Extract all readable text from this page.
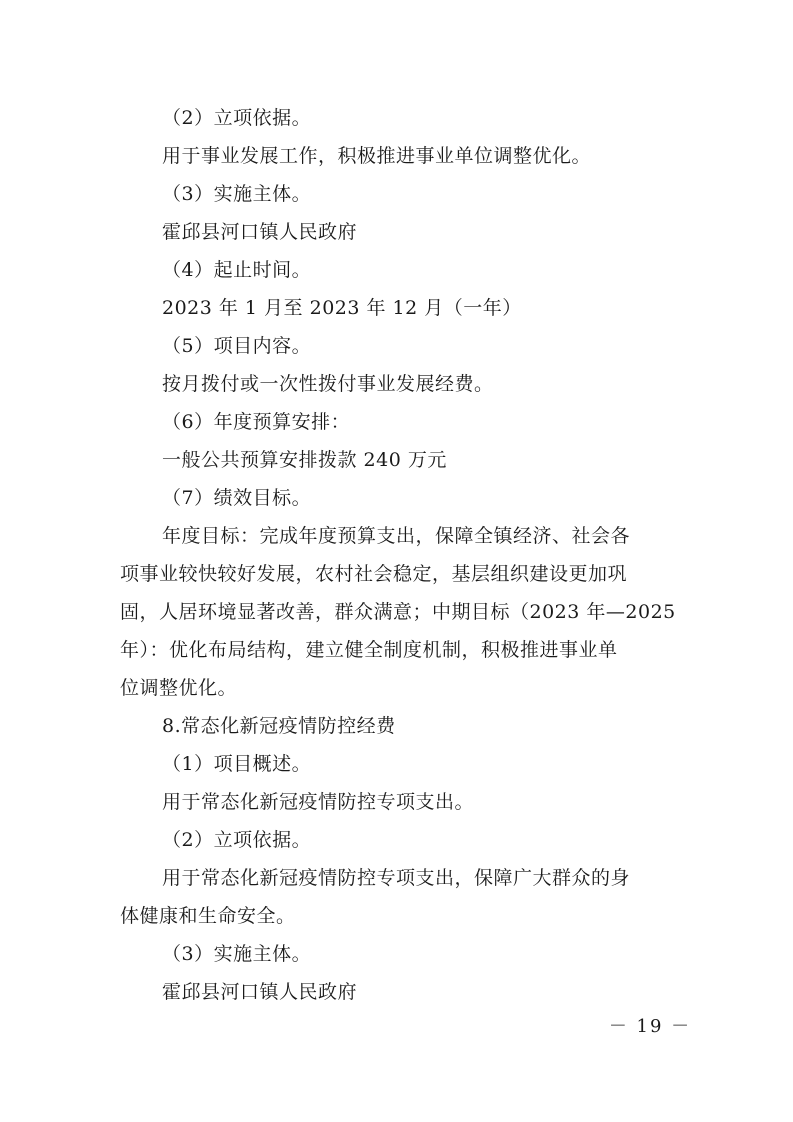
（2）立项依据。
用于事业发展工作，积极推进事业单位调整优化。
（3）实施主体。
霍邱县河口镇人民政府
（4）起止时间。
2023 年 1 月至 2023 年 12 月（一年）
（5）项目内容。
按月拨付或一次性拨付事业发展经费。
（6）年度预算安排：
一般公共预算安排拨款 240 万元
（7）绩效目标。
年度目标：完成年度预算支出，保障全镇经济、社会各
项事业较快较好发展，农村社会稳定，基层组织建设更加巩
固，人居环境显著改善，群众满意；中期目标（2023 年—2025
年）：优化布局结构，建立健全制度机制，积极推进事业单
位调整优化。
8.常态化新冠疫情防控经费
（1）项目概述。
用于常态化新冠疫情防控专项支出。
（2）立项依据。
用于常态化新冠疫情防控专项支出，保障广大群众的身
体健康和生命安全。
（3）实施主体。
霍邱县河口镇人民政府
－ 19 －
